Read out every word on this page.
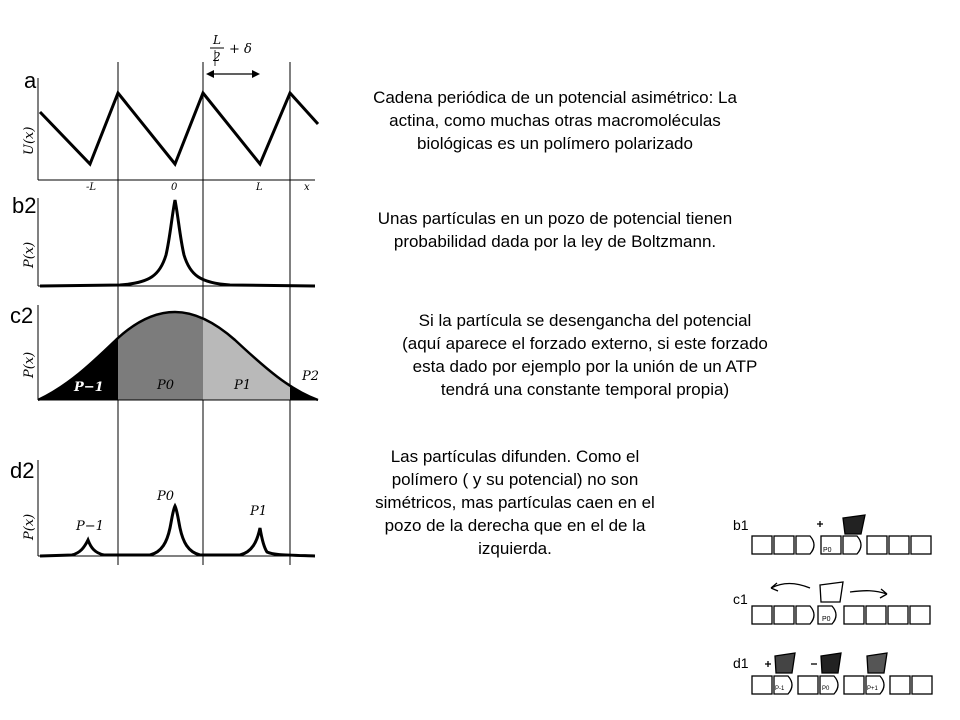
a
b2
c2
d2
L
2 + δ
U(x)
-L	0	L	x
P(x)
P(x)
P−1	P0	P1
P2
P(x)	P−1
P0
P1
Cadena periódica de un potencial asimétrico: La
actina, como muchas otras macromoléculas
biológicas es un polímero polarizado
Unas partículas en un pozo de potencial tienen
probabilidad dada por la ley de Boltzmann.
Si la partícula se desengancha del potencial
(aquí aparece el forzado externo, si este forzado
esta dado por ejemplo por la unión de un ATP
tendrá una constante temporal propia)
Las partículas difunden. Como el
polímero ( y su potencial) no son
simétricos, mas partículas caen en el
pozo de la derecha que en el de la
izquierda.
b1
P0
c1
P0
d1
P-1	P0	P+1
